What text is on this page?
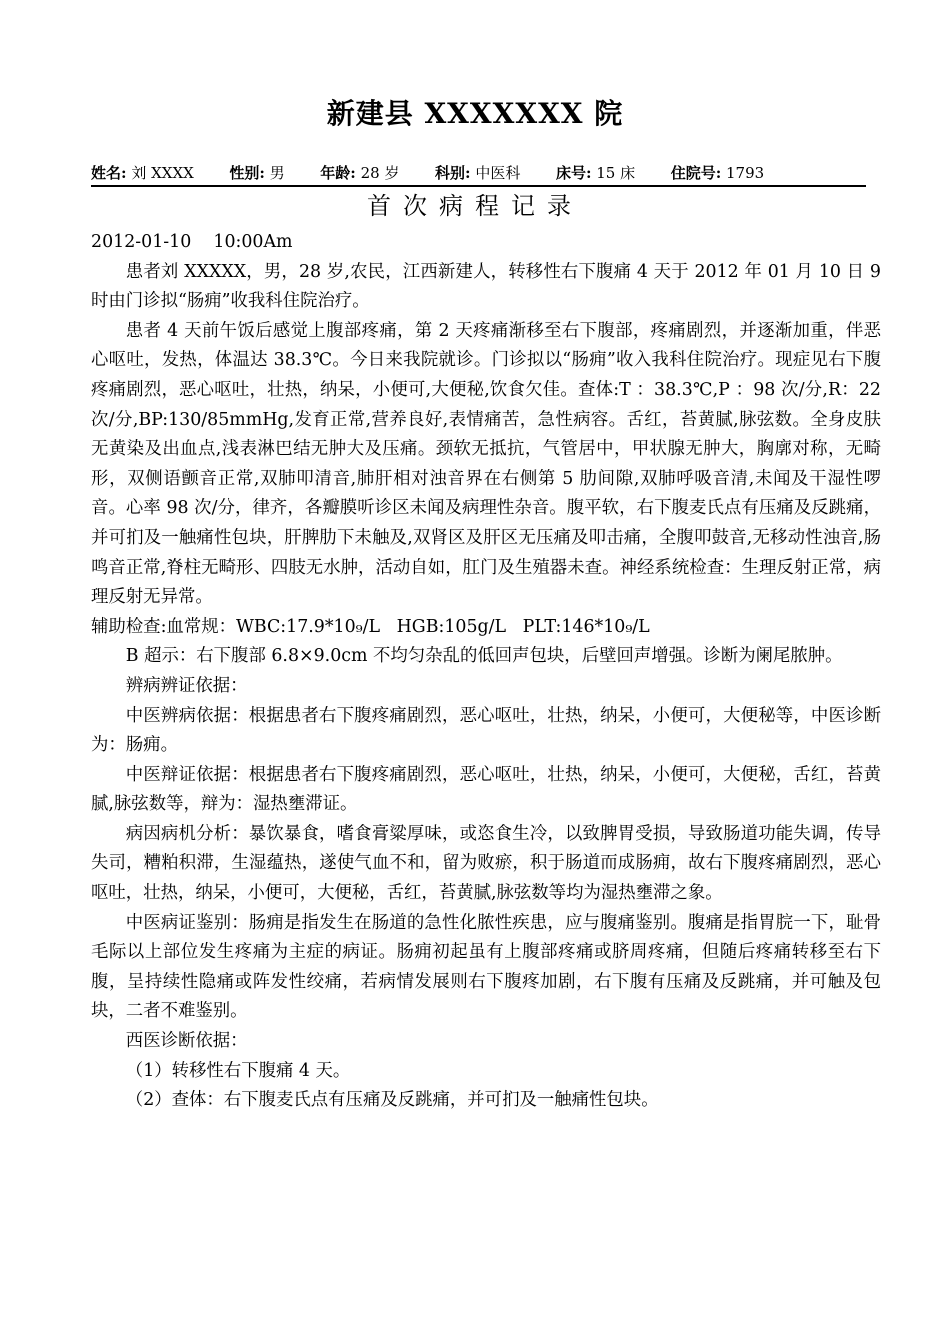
新建县 XXXXXXX 院
姓名: 刘 XXXX 性别: 男 年龄: 28 岁 科别: 中医科 床号: 15 床 住院号: 1793
首次病程记录

2012-01-10    10:00Am

患者刘 XXXXX，男，28 岁,农民，江西新建人，转移性右下腹痛 4 天于 2012 年 01 月 10 日 9 时由门诊拟“肠痈”收我科住院治疗。

患者 4 天前午饭后感觉上腹部疼痛，第 2 天疼痛渐移至右下腹部，疼痛剧烈，并逐渐加重，伴恶心呕吐，发热，体温达 38.3℃。今日来我院就诊。门诊拟以“肠痈”收入我科住院治疗。现症见右下腹疼痛剧烈，恶心呕吐，壮热，纳呆，小便可,大便秘,饮食欠佳。查体:T ：38.3℃,P ：98 次/分,R：22 次/分,BP:130/85mmHg,发育正常,营养良好,表情痛苦，急性病容。舌红，苔黄腻,脉弦数。全身皮肤无黄染及出血点,浅表淋巴结无肿大及压痛。颈软无抵抗，气管居中，甲状腺无肿大，胸廓对称，无畸形，双侧语颤音正常,双肺叩清音,肺肝相对浊音界在右侧第 5 肋间隙,双肺呼吸音清,未闻及干湿性啰音。心率 98 次/分，律齐，各瓣膜听诊区未闻及病理性杂音。腹平软，右下腹麦氏点有压痛及反跳痛，并可扪及一触痛性包块，肝脾肋下未触及,双肾区及肝区无压痛及叩击痛，全腹叩鼓音,无移动性浊音,肠鸣音正常,脊柱无畸形、四肢无水肿，活动自如，肛门及生殖器未查。神经系统检查：生理反射正常，病理反射无异常。

辅助检查:血常规：WBC:17.9*10₉/L   HGB:105g/L   PLT:146*10₉/L

B 超示：右下腹部 6.8×9.0cm 不均匀杂乱的低回声包块，后壁回声增强。诊断为阑尾脓肿。

辨病辨证依据：

中医辨病依据：根据患者右下腹疼痛剧烈，恶心呕吐，壮热，纳呆，小便可，大便秘等，中医诊断为：肠痈。

中医辩证依据：根据患者右下腹疼痛剧烈，恶心呕吐，壮热，纳呆，小便可，大便秘，舌红，苔黄腻,脉弦数等，辩为：湿热壅滞证。

病因病机分析：暴饮暴食，嗜食膏粱厚味，或恣食生冷，以致脾胃受损，导致肠道功能失调，传导失司，糟粕积滞，生湿蕴热，遂使气血不和，留为败瘀，积于肠道而成肠痈，故右下腹疼痛剧烈，恶心呕吐，壮热，纳呆，小便可，大便秘，舌红，苔黄腻,脉弦数等均为湿热壅滞之象。

中医病证鉴别：肠痈是指发生在肠道的急性化脓性疾患，应与腹痛鉴别。腹痛是指胃脘一下，耻骨毛际以上部位发生疼痛为主症的病证。肠痈初起虽有上腹部疼痛或脐周疼痛，但随后疼痛转移至右下腹，呈持续性隐痛或阵发性绞痛，若病情发展则右下腹疼加剧，右下腹有压痛及反跳痛，并可触及包块，二者不难鉴别。

西医诊断依据：

（1）转移性右下腹痛 4 天。

（2）查体：右下腹麦氏点有压痛及反跳痛，并可扪及一触痛性包块。
